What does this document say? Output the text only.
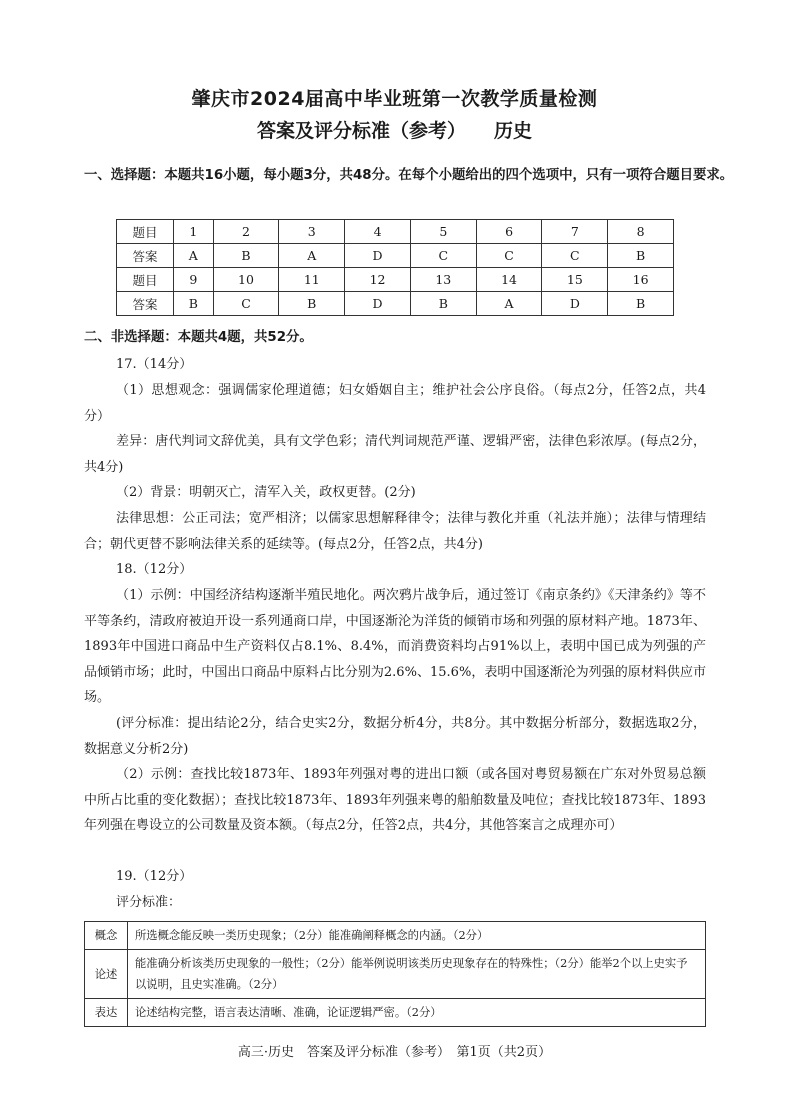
肇庆市2024届高中毕业班第一次教学质量检测
答案及评分标准（参考） 历史
一、选择题：本题共16小题，每小题3分，共48分。在每个小题给出的四个选项中，只有一项符合题目要求。
题目	1	2	3	4	5	6	7	8
答案	A	B	A	D	C	C	C	B
题目	9	10	11	12	13	14	15	16
答案	B	C	B	D	B	A	D	B
二、非选择题：本题共4题，共52分。
17.（14分）
（1）思想观念：强调儒家伦理道德；妇女婚姻自主；维护社会公序良俗。（每点2分，任答2点，共4分）
差异：唐代判词文辞优美，具有文学色彩；清代判词规范严谨、逻辑严密，法律色彩浓厚。(每点2分，共4分)
（2）背景：明朝灭亡，清军入关，政权更替。(2分)
法律思想：公正司法；宽严相济；以儒家思想解释律令；法律与教化并重（礼法并施）；法律与情理结合；朝代更替不影响法律关系的延续等。(每点2分，任答2点，共4分)
18.（12分）
（1）示例：中国经济结构逐渐半殖民地化。两次鸦片战争后，通过签订《南京条约》《天津条约》等不平等条约，清政府被迫开设一系列通商口岸，中国逐渐沦为洋货的倾销市场和列强的原材料产地。1873年、1893年中国进口商品中生产资料仅占8.1%、8.4%，而消费资料均占91%以上，表明中国已成为列强的产品倾销市场；此时，中国出口商品中原料占比分别为2.6%、15.6%，表明中国逐渐沦为列强的原材料供应市场。
(评分标准：提出结论2分，结合史实2分，数据分析4分，共8分。其中数据分析部分，数据选取2分，数据意义分析2分)
（2）示例：查找比较1873年、1893年列强对粤的进出口额（或各国对粤贸易额在广东对外贸易总额中所占比重的变化数据）；查找比较1873年、1893年列强来粤的船舶数量及吨位；查找比较1873年、1893年列强在粤设立的公司数量及资本额。（每点2分，任答2点，共4分，其他答案言之成理亦可）
19.（12分）
评分标准：
概念	所选概念能反映一类历史现象；（2分）能准确阐释概念的内涵。（2分）
论述	能准确分析该类历史现象的一般性；（2分）能举例说明该类历史现象存在的特殊性；（2分）能举2个以上史实予以说明，且史实准确。（2分）
表达	论述结构完整，语言表达清晰、准确，论证逻辑严密。（2分）
高三·历史　答案及评分标准（参考）　第1页（共2页）
